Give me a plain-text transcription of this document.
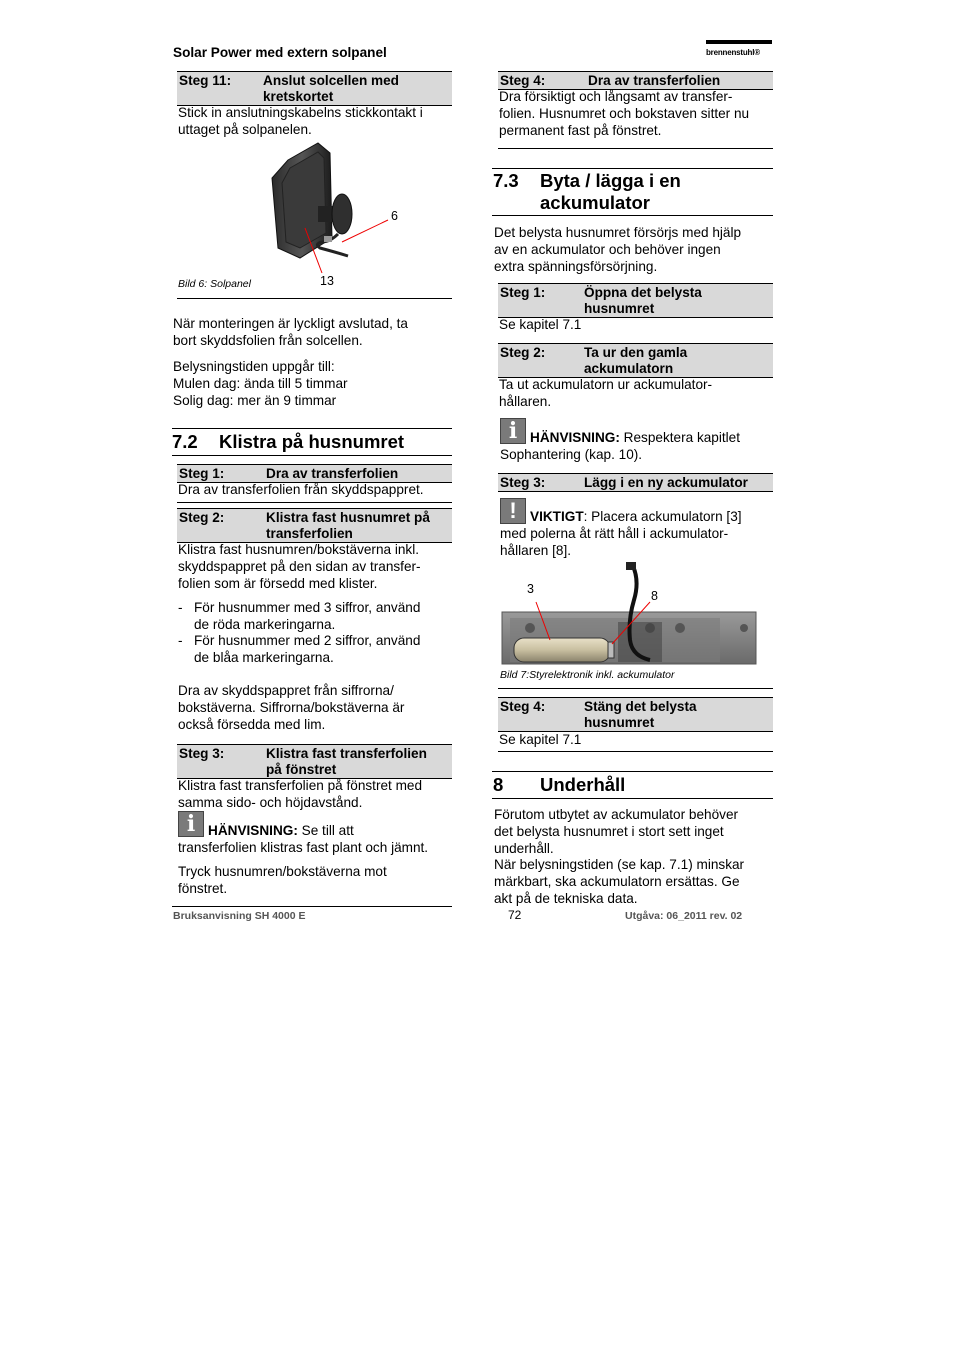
Solar Power med extern solpanel	brennenstuhl®
Steg 11: Anslut solcellen med
kretskortet
Stick in anslutningskabelns stickkontakt i
uttaget på solpanelen.
6
13
Bild 6: Solpanel
När monteringen är lyckligt avslutad, ta
bort skyddsfolien från solcellen.
Belysningstiden uppgår till:
Mulen dag: ända till 5 timmar
Solig dag: mer än 9 timmar
7.2 Klistra på husnumret
Steg 1:	Dra av transferfolien
Dra av transferfolien från skyddspappret.
Steg 2:	Klistra fast husnumret på
transferfolien
Klistra fast husnumren/bokstäverna inkl.
skyddspappret på den sidan av transfer-
folien som är försedd med klister.
- För husnummer med 3 siffror, använd
de röda markeringarna.
- För husnummer med 2 siffror, använd
de blåa markeringarna.
Dra av skyddspappret från siffrorna/
bokstäverna. Siffrorna/bokstäverna är
också försedda med lim.
Steg 3:	Klistra fast transferfolien
på fönstret
Klistra fast transferfolien på fönstret med
samma sido- och höjdavstånd.
i HÄNVISNING: Se till att
transferfolien klistras fast plant och jämnt.
Tryck husnumren/bokstäverna mot
fönstret.
Steg 4:	Dra av transferfolien
Dra försiktigt och långsamt av transfer-
folien. Husnumret och bokstaven sitter nu
permanent fast på fönstret.
7.3 Byta / lägga i en
ackumulator
Det belysta husnumret försörjs med hjälp
av en ackumulator och behöver ingen
extra spänningsförsörjning.
Steg 1:	Öppna det belysta
husnumret
Se kapitel 7.1
Steg 2:	Ta ur den gamla
ackumulatorn
Ta ut ackumulatorn ur ackumulator-
hållaren.
i HÄNVISNING: Respektera kapitlet
Sophantering (kap. 10).
Steg 3:	Lägg i en ny ackumulator
! VIKTIGT: Placera ackumulatorn [3]
med polerna åt rätt håll i ackumulator-
hållaren [8].
3	8
Bild 7:Styrelektronik inkl. ackumulator
Steg 4:	Stäng det belysta
husnumret
Se kapitel 7.1
8 Underhåll
Förutom utbytet av ackumulator behöver
det belysta husnumret i stort sett inget
underhåll.
När belysningstiden (se kap. 7.1) minskar
märkbart, ska ackumulatorn ersättas. Ge
akt på de tekniska data.
Bruksanvisning SH 4000 E	72	Utgåva: 06_2011 rev. 02
